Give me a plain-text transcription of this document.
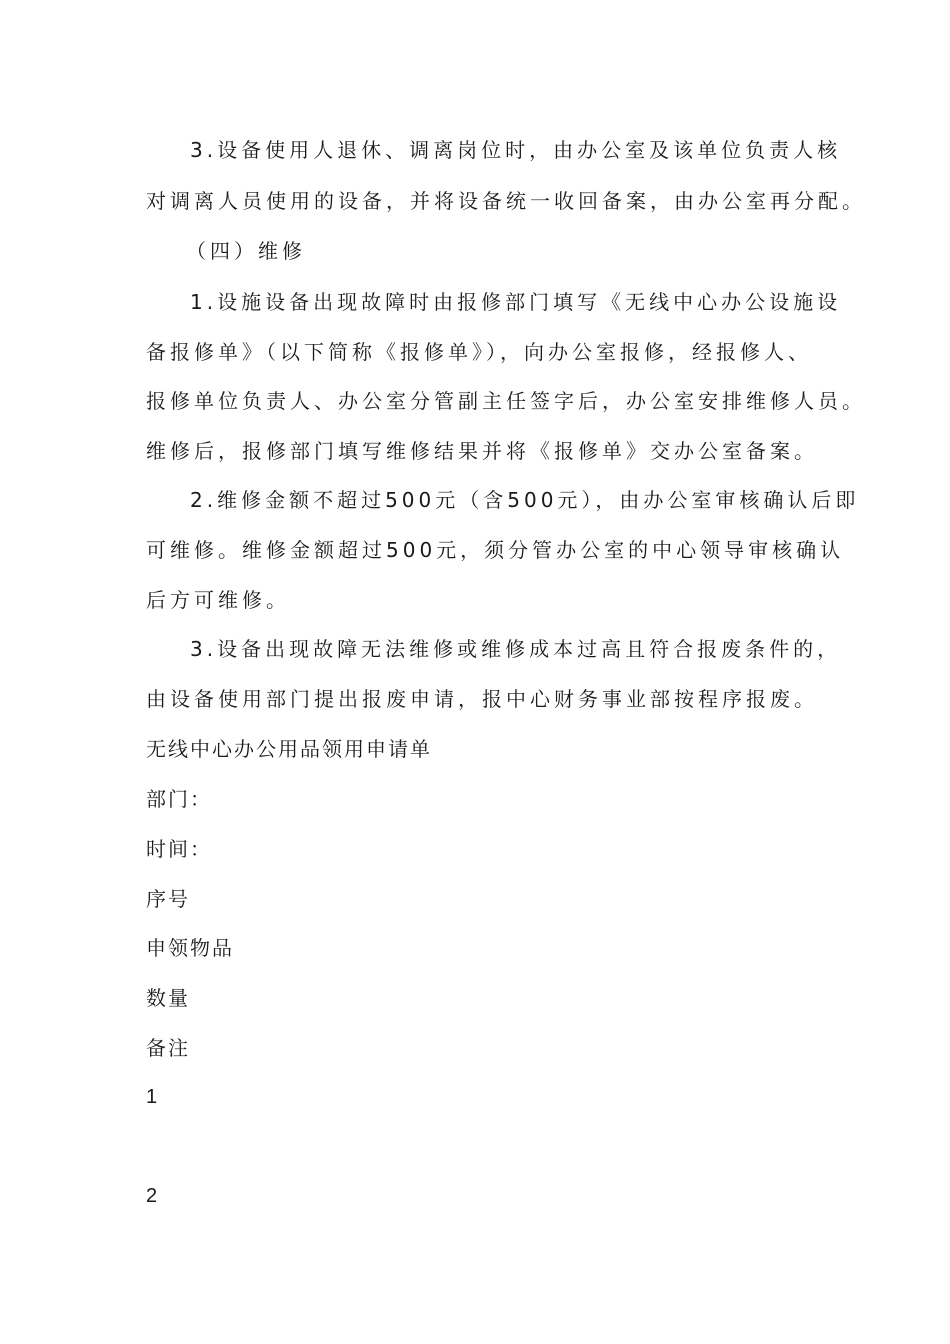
3.设备使用人退休、调离岗位时，由办公室及该单位负责人核
对调离人员使用的设备，并将设备统一收回备案，由办公室再分配。
（四）维修
1.设施设备出现故障时由报修部门填写《无线中心办公设施设
备报修单》（以下简称《报修单》），向办公室报修，经报修人、
报修单位负责人、办公室分管副主任签字后，办公室安排维修人员。
维修后，报修部门填写维修结果并将《报修单》交办公室备案。
2.维修金额不超过500元（含500元），由办公室审核确认后即
可维修。维修金额超过500元，须分管办公室的中心领导审核确认
后方可维修。
3.设备出现故障无法维修或维修成本过高且符合报废条件的，
由设备使用部门提出报废申请，报中心财务事业部按程序报废。
无线中心办公用品领用申请单
部门：
时间：
序号
申领物品
数量
备注
1
2
